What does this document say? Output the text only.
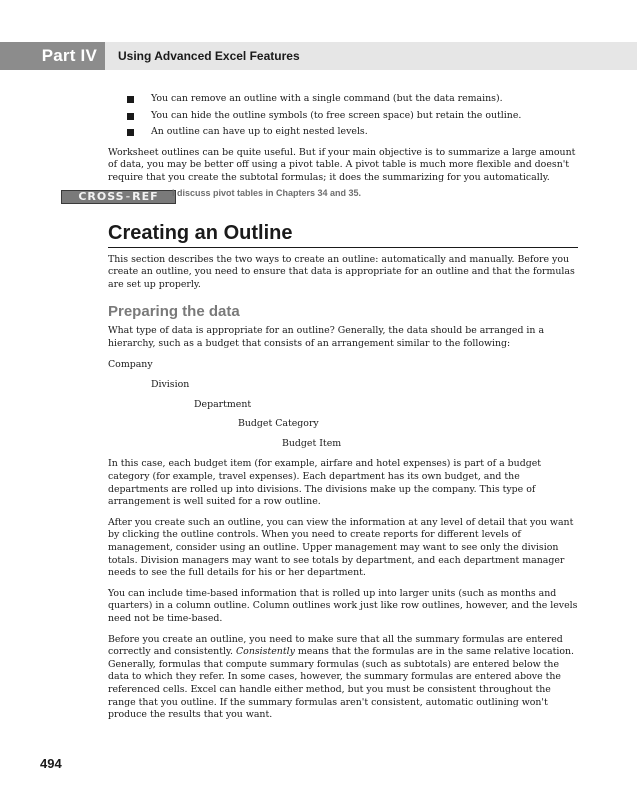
Part IV	Using Advanced Excel Features
You can remove an outline with a single command (but the data remains).
You can hide the outline symbols (to free screen space) but retain the outline.
An outline can have up to eight nested levels.

Worksheet outlines can be quite useful. But if your main objective is to summarize a large amount of data, you may be better off using a pivot table. A pivot table is much more flexible and doesn't require that you create the subtotal formulas; it does the summarizing for you automatically.

CROSS-REF	I discuss pivot tables in Chapters 34 and 35.
Creating an Outline

This section describes the two ways to create an outline: automatically and manually. Before you create an outline, you need to ensure that data is appropriate for an outline and that the formulas are set up properly.

Preparing the data

What type of data is appropriate for an outline? Generally, the data should be arranged in a hierarchy, such as a budget that consists of an arrangement similar to the following:

Company
Division
Department
Budget Category
Budget Item

In this case, each budget item (for example, airfare and hotel expenses) is part of a budget category (for example, travel expenses). Each department has its own budget, and the departments are rolled up into divisions. The divisions make up the company. This type of arrangement is well suited for a row outline.

After you create such an outline, you can view the information at any level of detail that you want by clicking the outline controls. When you need to create reports for different levels of management, consider using an outline. Upper management may want to see only the division totals. Division managers may want to see totals by department, and each department manager needs to see the full details for his or her department.

You can include time-based information that is rolled up into larger units (such as months and quarters) in a column outline. Column outlines work just like row outlines, however, and the levels need not be time-based.

Before you create an outline, you need to make sure that all the summary formulas are entered correctly and consistently. Consistently means that the formulas are in the same relative location. Generally, formulas that compute summary formulas (such as subtotals) are entered below the data to which they refer. In some cases, however, the summary formulas are entered above the referenced cells. Excel can handle either method, but you must be consistent throughout the range that you outline. If the summary formulas aren't consistent, automatic outlining won't produce the results that you want.

494
